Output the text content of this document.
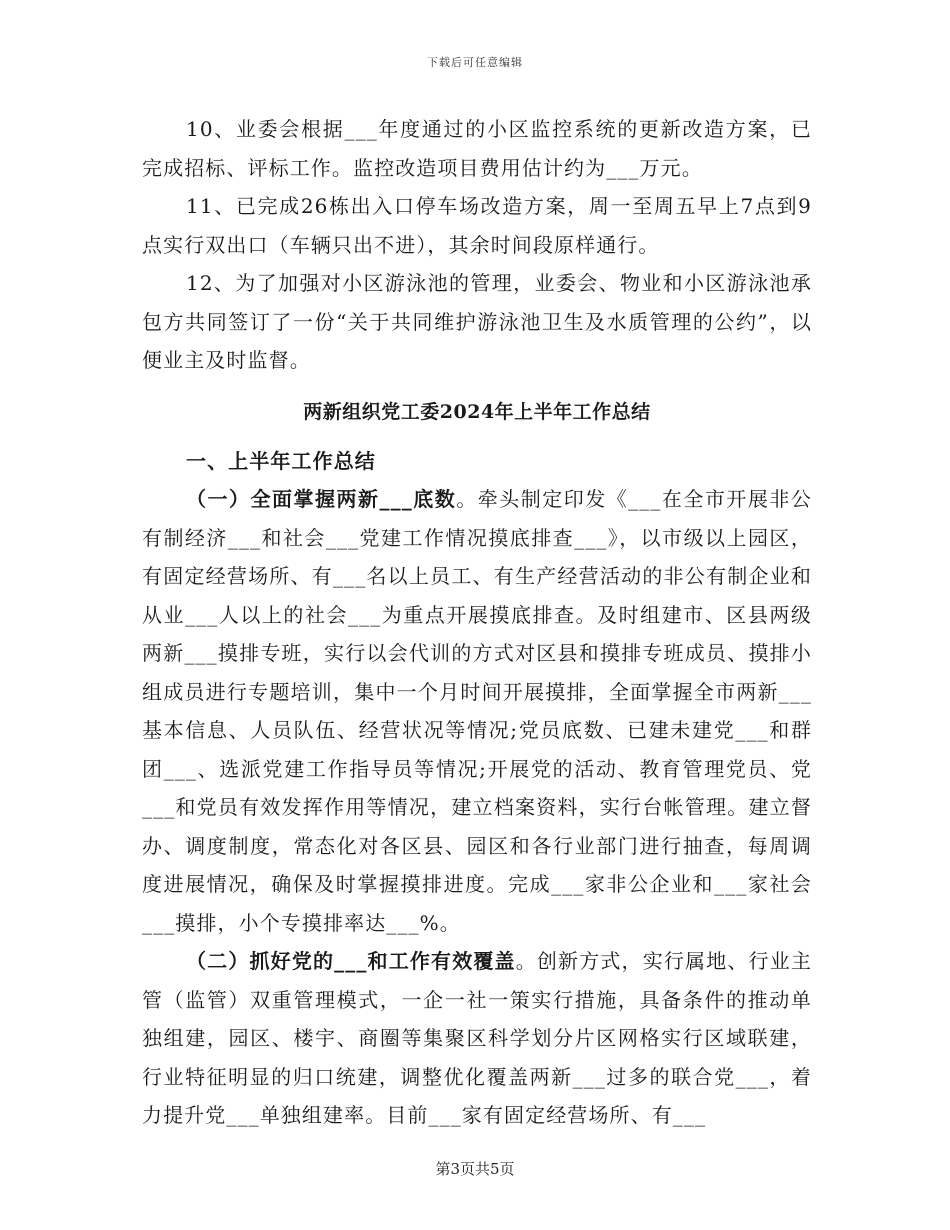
下载后可任意编辑

10、业委会根据___年度通过的小区监控系统的更新改造方案，已完成招标、评标工作。监控改造项目费用估计约为___万元。

11、已完成26栋出入口停车场改造方案，周一至周五早上7点到9点实行双出口（车辆只出不进），其余时间段原样通行。

12、为了加强对小区游泳池的管理，业委会、物业和小区游泳池承包方共同签订了一份“关于共同维护游泳池卫生及水质管理的公约”，以便业主及时监督。

两新组织党工委2024年上半年工作总结
一、上半年工作总结

（一）全面掌握两新___底数。牵头制定印发《___在全市开展非公有制经济___和社会___党建工作情况摸底排查___》，以市级以上园区，有固定经营场所、有___名以上员工、有生产经营活动的非公有制企业和从业___人以上的社会___为重点开展摸底排查。及时组建市、区县两级两新___摸排专班，实行以会代训的方式对区县和摸排专班成员、摸排小组成员进行专题培训，集中一个月时间开展摸排，全面掌握全市两新___基本信息、人员队伍、经营状况等情况;党员底数、已建未建党___和群团___、选派党建工作指导员等情况;开展党的活动、教育管理党员、党___和党员有效发挥作用等情况，建立档案资料，实行台帐管理。建立督办、调度制度，常态化对各区县、园区和各行业部门进行抽查，每周调度进展情况，确保及时掌握摸排进度。完成___家非公企业和___家社会___摸排，小个专摸排率达___%。

（二）抓好党的___和工作有效覆盖。创新方式，实行属地、行业主管（监管）双重管理模式，一企一社一策实行措施，具备条件的推动单独组建，园区、楼宇、商圈等集聚区科学划分片区网格实行区域联建，行业特征明显的归口统建，调整优化覆盖两新___过多的联合党___，着力提升党___单独组建率。目前___家有固定经营场所、有___

第3页共5页
